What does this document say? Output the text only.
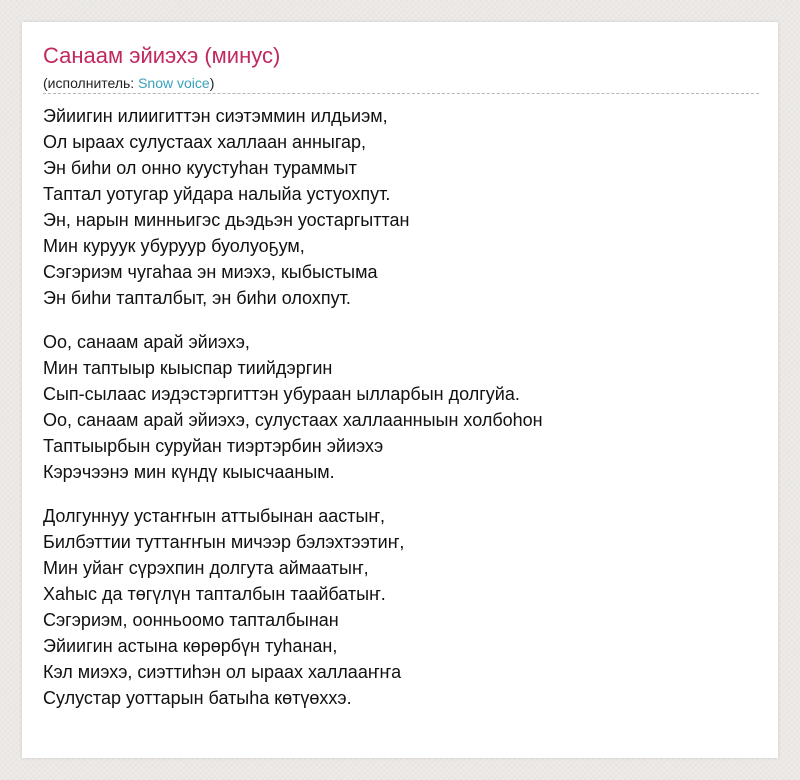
Санаам эйиэхэ (минус)
(исполнитель: Snow voice)
Эйиигин илиигиттэн сиэтэммин илдьиэм,
Ол ыраах сулустаах халлаан анныгар,
Эн биһи ол онно куустуһан тураммыт
Таптал уотугар уйдара налыйа устуохпут.
Эн, нарын минньигэс дьэдьэн уостаргыттан
Мин куруук убуруур буолуоҕум,
Сэгэриэм чугаһаа эн миэхэ, кыбыстыма
Эн биһи тапталбыт, эн биһи олохпут.
Оо, санаам арай эйиэхэ,
Мин таптыыр кыыспар тиийдэргин
Сып-сылаас иэдэстэргиттэн убураан ылларбын долгуйа.
Оо, санаам арай эйиэхэ, сулустаах халлаанныын холбоһон
Таптыырбын суруйан тиэртэрбин эйиэхэ
Кэрэчээнэ мин күндү кыысчааным.
Долгуннуу устаҥҥын аттыбынан аастыҥ,
Билбэттии туттаҥҥын мичээр бэлэхтээтиҥ,
Мин уйаҥ сүрэхпин долгута аймаатыҥ,
Хаһыс да төгүлүн тапталбын таайбатыҥ.
Сэгэриэм, оонньоомо тапталбынан
Эйиигин астына көрөрбүн туһанан,
Кэл миэхэ, сиэттиһэн ол ыраах халлааҥҥа
Сулустар уоттарын батыһа көтүөххэ.
